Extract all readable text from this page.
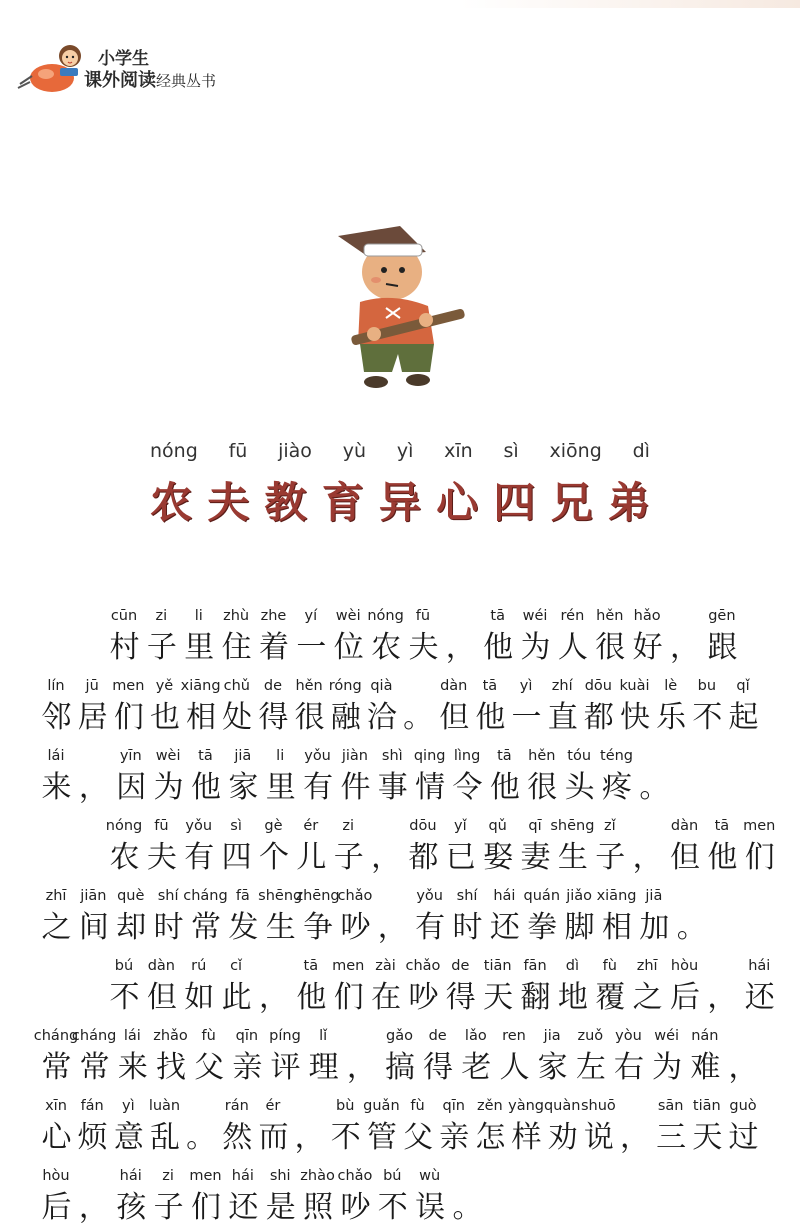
小学生
课外阅读经典丛书
nóng fū jiào yù yì xīn sì xiōng dì
农 夫 教 育 异 心 四 兄 弟
cūn zi li zhù zhe yí wèi nóng fū	tā wéi rén hěn hǎo	gēn
村 子 里 住 着 一 位 农 夫 ， 他 为 人 很 好 ， 跟
lín jū men yě xiāng chǔ de hěn róng qià	dàn tā yì zhí dōu kuài lè bu qǐ
邻 居 们 也 相 处 得 很 融 洽 。 但 他 一 直 都 快 乐 不 起
lái	yīn wèi tā jiā li yǒu jiàn shì qing lìng tā hěn tóu téng
来 ， 因 为 他 家 里 有 件 事 情 令 他 很 头 疼 。
nóng fū yǒu sì gè ér zi	dōu yǐ qǔ qī shēng zǐ	dàn tā men
农 夫 有 四 个 儿 子 ， 都 已 娶 妻 生 子 ， 但 他 们
zhī jiān què shí cháng fā shēng
zhēng
chǎo	yǒu shí hái quán jiǎo xiāng jiā
之 间 却 时 常 发 生 争 吵 ， 有 时 还 拳 脚 相 加 。
bú dàn rú cǐ	tā men zài chǎo de tiān fān dì fù zhī hòu	hái
不 但 如 此 ， 他 们 在 吵 得 天 翻 地 覆 之 后 ， 还
cháng
cháng lái zhǎo fù qīn píng lǐ	gǎo de lǎo ren jia zuǒ yòu wéi nán
常 常 来 找 父 亲 评 理 ， 搞 得 老 人 家 左 右 为 难 ，
xīn fán yì luàn	rán ér	bù guǎn fù qīn zěn yàng quàn shuō	sān tiān guò
心 烦 意 乱 。 然 而 ， 不 管 父 亲 怎 样 劝 说 ， 三 天 过
hòu	hái zi men hái shi zhào chǎo bú wù
后 ， 孩 子 们 还 是 照 吵 不 误 。
